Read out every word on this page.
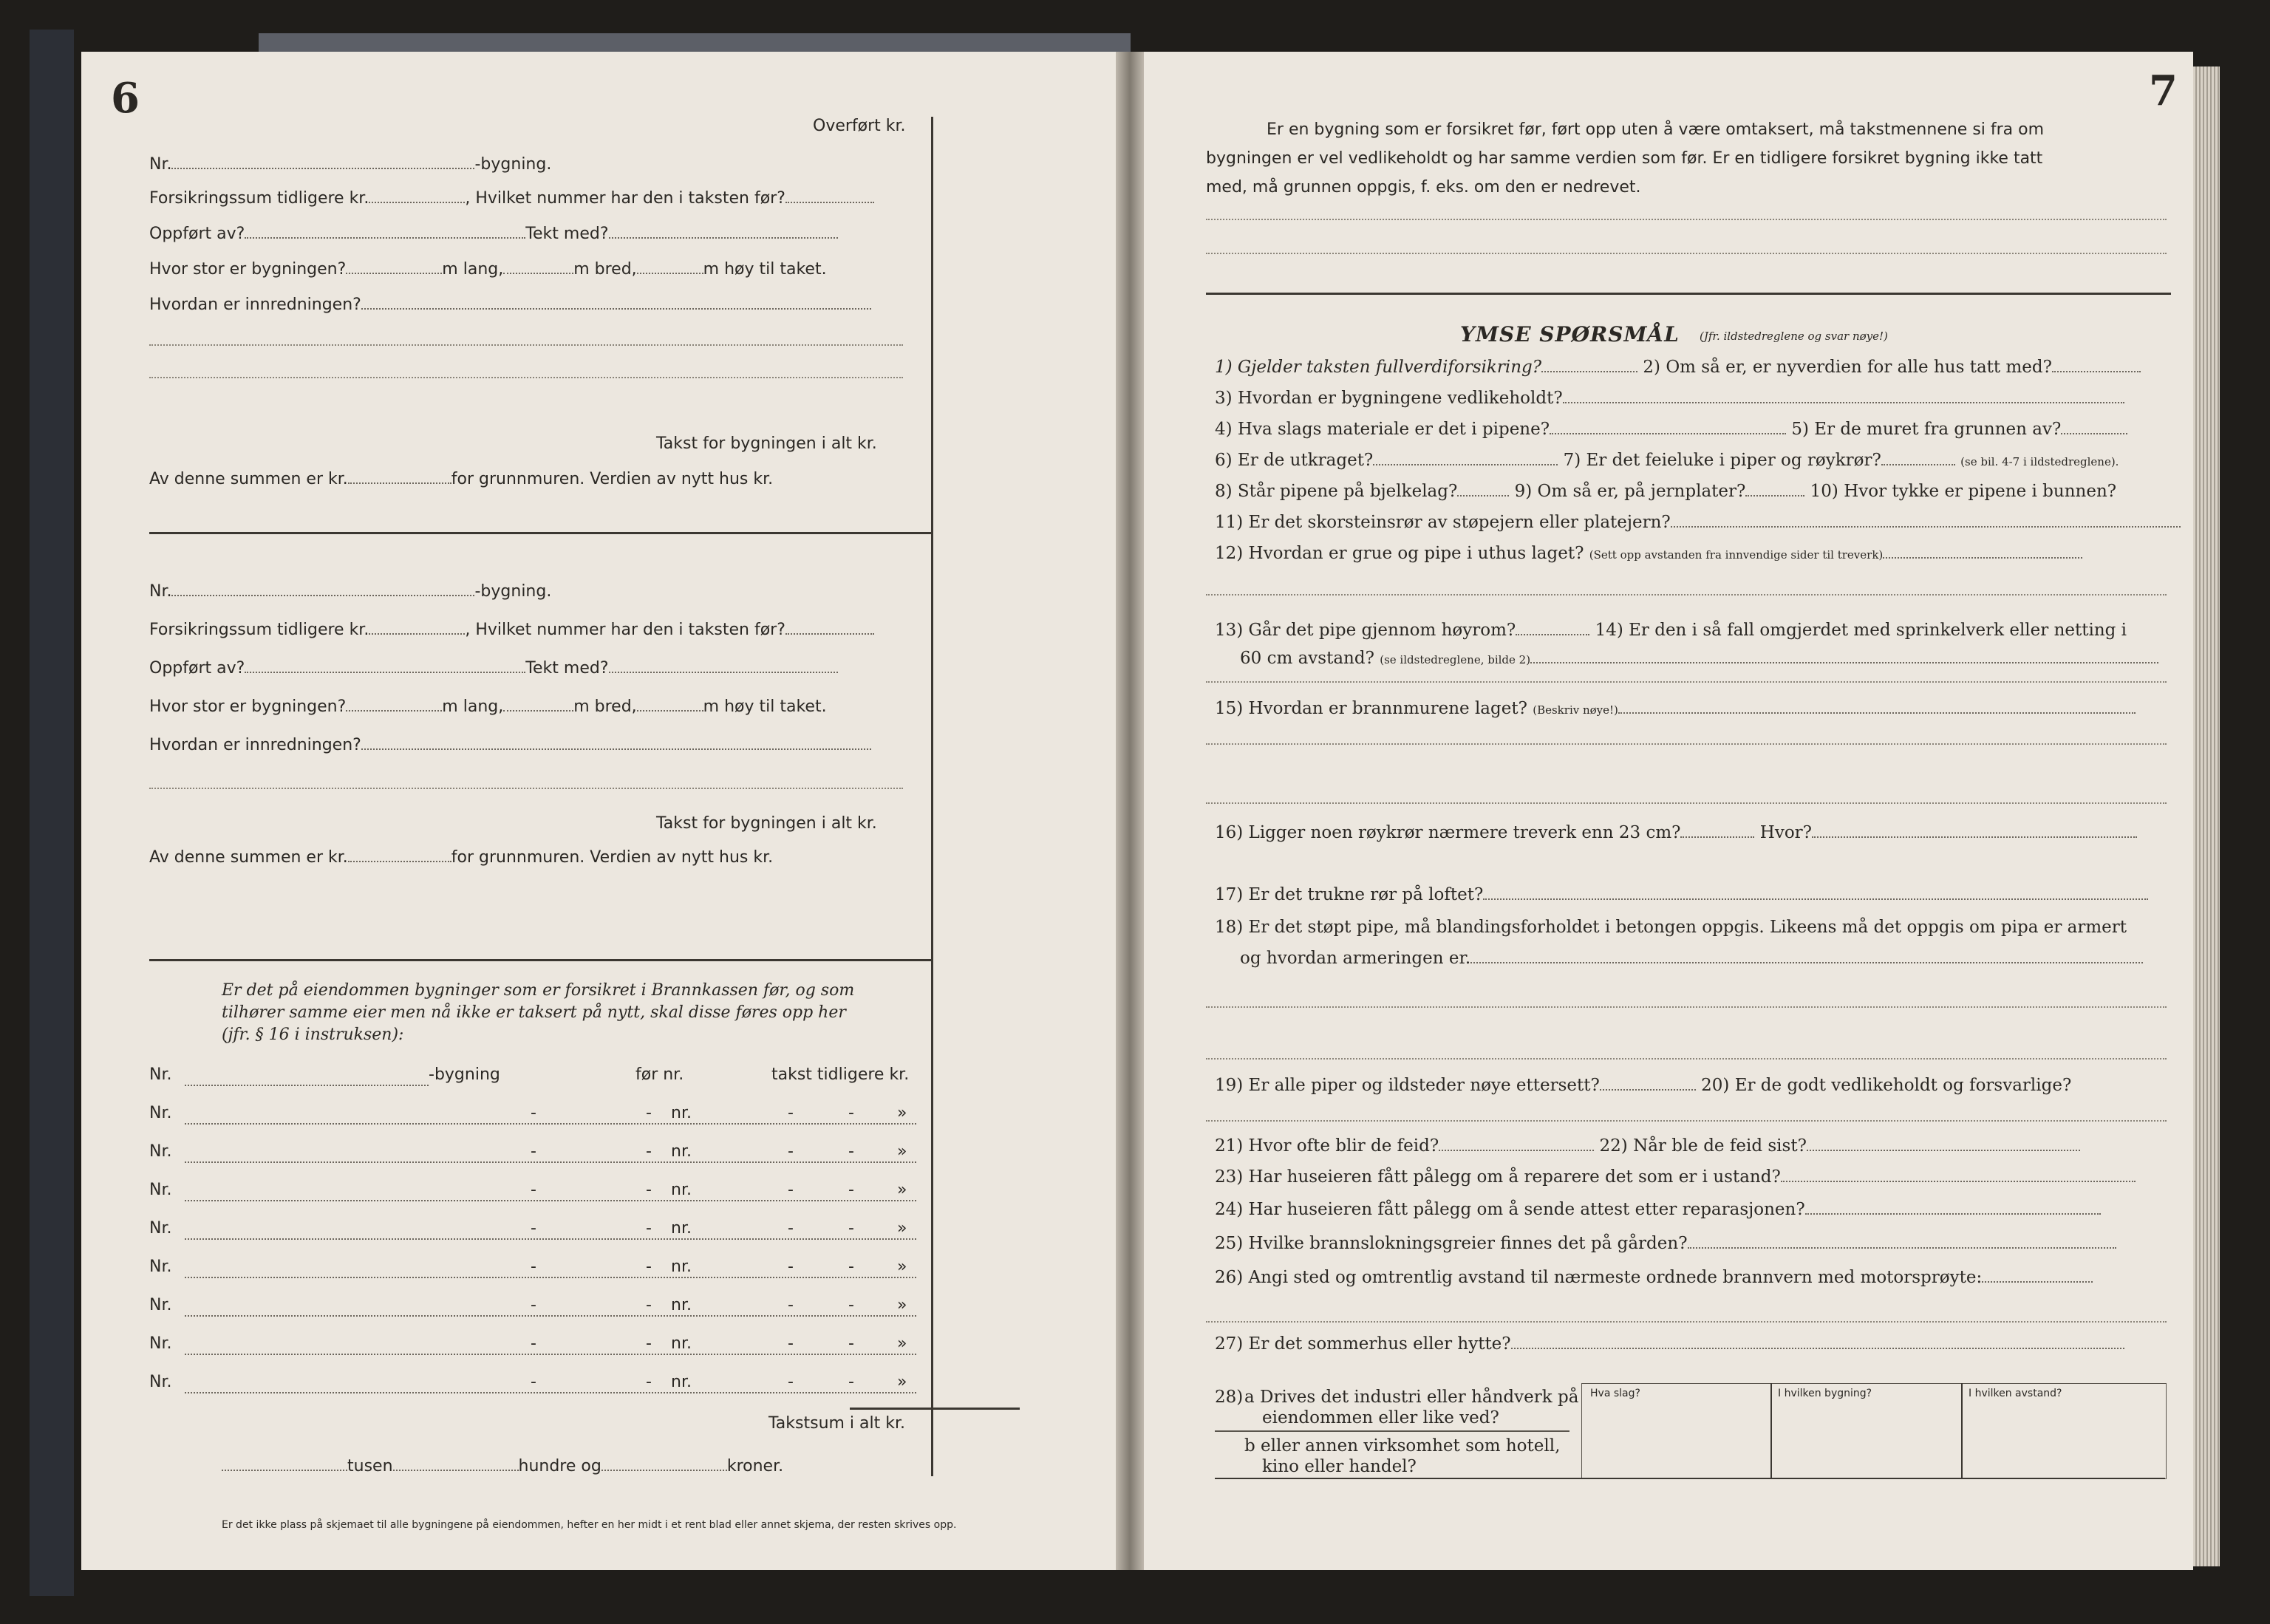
6
Overført kr.
Nr.	-bygning.
Forsikringssum tidligere kr.	, Hvilket nummer har den i taksten før?
Oppført av?	Tekt med?
Hvor stor er bygningen?	m lang,	m bred,	m høy til taket.
Hvordan er innredningen?
Takst for bygningen i alt kr.
Av denne summen er kr.	for grunnmuren. Verdien av nytt hus kr.
Nr.	-bygning.
Forsikringssum tidligere kr.	, Hvilket nummer har den i taksten før?
Oppført av?	Tekt med?
Hvor stor er bygningen?	m lang,	m bred,	m høy til taket.
Hvordan er innredningen?
Takst for bygningen i alt kr.
Av denne summen er kr.	for grunnmuren. Verdien av nytt hus kr.
Er det på eiendommen bygninger som er forsikret i Brannkassen før, og som tilhører samme eier men nå ikke er taksert på nytt, skal disse føres opp her (jfr. § 16 i instruksen):
Nr.	-bygning	før nr.	takst tidligere kr.
Nr.	-	- nr.	-	-	»
Nr.	-	- nr.	-	-	»
Nr.	-	- nr.	-	-	»
Nr.	-	- nr.	-	-	»
Nr.	-	- nr.	-	-	»
Nr.	-	- nr.	-	-	»
Nr.	-	- nr.	-	-	»
Nr.	-	- nr.	-	-	»
Takstsum i alt kr.
tusen	hundre og	kroner.
Er det ikke plass på skjemaet til alle bygningene på eiendommen, hefter en her midt i et rent blad eller annet skjema, der resten skrives opp.
7
Er en bygning som er forsikret før, ført opp uten å være omtaksert, må takstmennene si fra om
bygningen er vel vedlikeholdt og har samme verdien som før. Er en tidligere forsikret bygning ikke tatt
med, må grunnen oppgis, f. eks. om den er nedrevet.
YMSE SPØRSMÅL (Jfr. ildstedreglene og svar nøye!)
1) Gjelder taksten fullverdiforsikring?	2) Om så er, er nyverdien for alle hus tatt med?
3) Hvordan er bygningene vedlikeholdt?
4) Hva slags materiale er det i pipene?	5) Er de muret fra grunnen av?
6) Er de utkraget?	7) Er det feieluke i piper og røykrør?	(se bil. 4-7 i ildstedreglene).
8) Står pipene på bjelkelag?	9) Om så er, på jernplater?	10) Hvor tykke er pipene i bunnen?
11) Er det skorsteinsrør av støpejern eller platejern?
12) Hvordan er grue og pipe i uthus laget? (Sett opp avstanden fra innvendige sider til treverk)
13) Går det pipe gjennom høyrom?	14) Er den i så fall omgjerdet med sprinkelverk eller netting i
60 cm avstand? (se ildstedreglene, bilde 2)
15) Hvordan er brannmurene laget? (Beskriv nøye!)
16) Ligger noen røykrør nærmere treverk enn 23 cm?	Hvor?
17) Er det trukne rør på loftet?
18) Er det støpt pipe, må blandingsforholdet i betongen oppgis. Likeens må det oppgis om pipa er armert
og hvordan armeringen er.
19) Er alle piper og ildsteder nøye ettersett?	20) Er de godt vedlikeholdt og forsvarlige?
21) Hvor ofte blir de feid?	22) Når ble de feid sist?
23) Har huseieren fått pålegg om å reparere det som er i ustand?
24) Har huseieren fått pålegg om å sende attest etter reparasjonen?
25) Hvilke brannslokningsgreier finnes det på gården?
26) Angi sted og omtrentlig avstand til nærmeste ordnede brannvern med motorsprøyte:
27) Er det sommerhus eller hytte?
Hva slag?	I hvilken bygning?	I hvilken avstand?
28) a Drives det industri eller håndverk på
eiendommen eller like ved?
b eller annen virksomhet som hotell,
kino eller handel?
